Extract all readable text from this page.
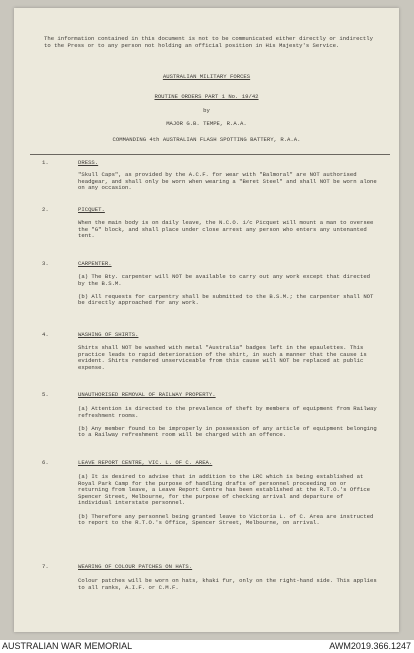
The information contained in this document is not to be communicated either directly or indirectly to the Press or to any person not holding an official position in His Majesty's Service.

AUSTRALIAN MILITARY FORCES

ROUTINE ORDERS PART 1 No. 19/42

by

MAJOR G.B. TEMPE, R.A.A.

COMMANDING 4th AUSTRALIAN FLASH SPOTTING BATTERY, R.A.A.

1.	DRESS.

"Skull Caps", as provided by the A.C.F. for wear with "Balmoral" are NOT authorised headgear, and shall only be worn when wearing a "Beret Steel" and shall NOT be worn alone on any occasion.

2.	PICQUET.

When the main body is on daily leave, the N.C.O. i/c Picquet will mount a man to oversee the "G" block, and shall place under close arrest any person who enters any untenanted tent.

3.	CARPENTER.

(a) The Bty. carpenter will NOT be available to carry out any work except that directed by the B.S.M.

(b) All requests for carpentry shall be submitted to the B.S.M.; the carpenter shall NOT be directly approached for any work.

4.	WASHING OF SHIRTS.

Shirts shall NOT be washed with metal "Australia" badges left in the epaulettes. This practice leads to rapid deterioration of the shirt, in such a manner that the cause is evident. Shirts rendered unserviceable from this cause will NOT be replaced at public expense.

5.	UNAUTHORISED REMOVAL OF RAILWAY PROPERTY.

(a) Attention is directed to the prevalence of theft by members of equipment from Railway refreshment rooms.

(b) Any member found to be improperly in possession of any article of equipment belonging to a Railway refreshment room will be charged with an offence.

6.	LEAVE REPORT CENTRE, VIC. L. OF C. AREA.

(a) It is desired to advise that in addition to the LRC which is being established at Royal Park Camp for the purpose of handling drafts of personnel proceeding on or returning from leave, a Leave Report Centre has been established at the R.T.O.'s Office Spencer Street, Melbourne, for the purpose of checking arrival and departure of individual interstate personnel.

(b) Therefore any personnel being granted leave to Victoria L. of C. Area are instructed to report to the R.T.O.'s Office, Spencer Street, Melbourne, on arrival.

7.	WEARING OF COLOUR PATCHES ON HATS.

Colour patches will be worn on hats, khaki fur, only on the right-hand side. This applies to all ranks, A.I.F. or C.M.F.

AUSTRALIAN WAR MEMORIAL	AWM2019.366.1247
